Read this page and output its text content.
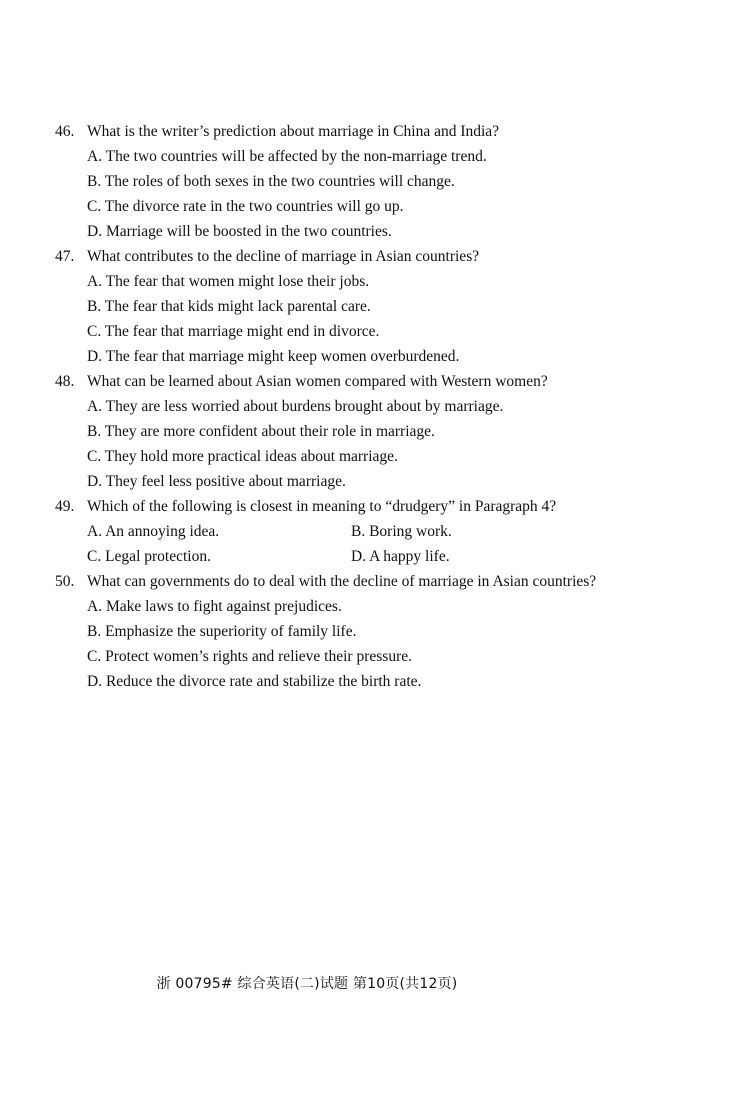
46. What is the writer’s prediction about marriage in China and India?
A. The two countries will be affected by the non-marriage trend.
B. The roles of both sexes in the two countries will change.
C. The divorce rate in the two countries will go up.
D. Marriage will be boosted in the two countries.
47. What contributes to the decline of marriage in Asian countries?
A. The fear that women might lose their jobs.
B. The fear that kids might lack parental care.
C. The fear that marriage might end in divorce.
D. The fear that marriage might keep women overburdened.
48. What can be learned about Asian women compared with Western women?
A. They are less worried about burdens brought about by marriage.
B. They are more confident about their role in marriage.
C. They hold more practical ideas about marriage.
D. They feel less positive about marriage.
49. Which of the following is closest in meaning to “drudgery” in Paragraph 4?
A. An annoying idea.	B. Boring work.
C. Legal protection.	D. A happy life.
50. What can governments do to deal with the decline of marriage in Asian countries?
A. Make laws to fight against prejudices.
B. Emphasize the superiority of family life.
C. Protect women’s rights and relieve their pressure.
D. Reduce the divorce rate and stabilize the birth rate.
浙 00795# 综合英语(二)试题 第10页(共12页)
